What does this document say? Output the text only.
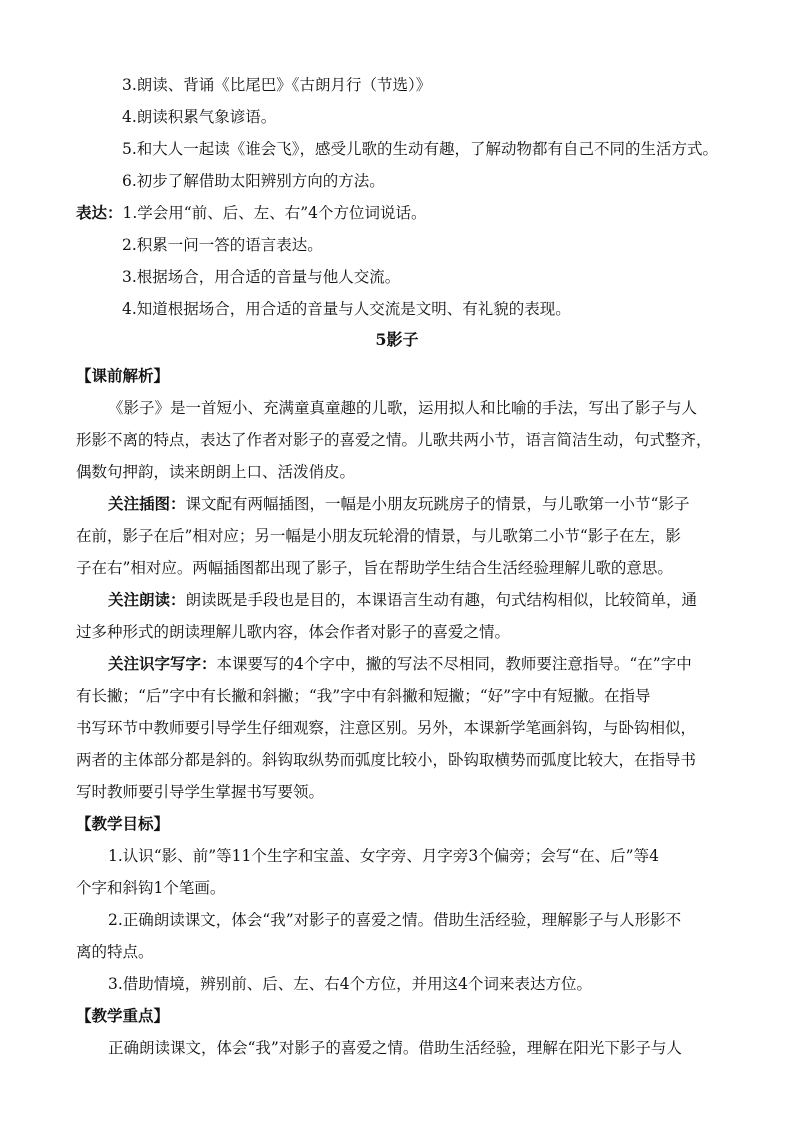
3.朗读、背诵《比尾巴》《古朗月行（节选）》
4.朗读积累气象谚语。
5.和大人一起读《谁会飞》，感受儿歌的生动有趣，了解动物都有自己不同的生活方式。
6.初步了解借助太阳辨别方向的方法。
表达：1.学会用“前、后、左、右”4个方位词说话。
2.积累一问一答的语言表达。
3.根据场合，用合适的音量与他人交流。
4.知道根据场合，用合适的音量与人交流是文明、有礼貌的表现。
5影子
【课前解析】
《影子》是一首短小、充满童真童趣的儿歌，运用拟人和比喻的手法，写出了影子与人
形影不离的特点，表达了作者对影子的喜爱之情。儿歌共两小节，语言简洁生动，句式整齐，
偶数句押韵，读来朗朗上口、活泼俏皮。
关注插图：课文配有两幅插图，一幅是小朋友玩跳房子的情景，与儿歌第一小节“影子
在前，影子在后”相对应；另一幅是小朋友玩轮滑的情景，与儿歌第二小节“影子在左，影
子在右”相对应。两幅插图都出现了影子，旨在帮助学生结合生活经验理解儿歌的意思。
关注朗读：朗读既是手段也是目的，本课语言生动有趣，句式结构相似，比较简单，通
过多种形式的朗读理解儿歌内容，体会作者对影子的喜爱之情。
关注识字写字：本课要写的4个字中，撇的写法不尽相同，教师要注意指导。“在”字中
有长撇；“后”字中有长撇和斜撇；“我”字中有斜撇和短撇；“好”字中有短撇。在指导
书写环节中教师要引导学生仔细观察，注意区别。另外，本课新学笔画斜钩，与卧钩相似，
两者的主体部分都是斜的。斜钩取纵势而弧度比较小，卧钩取横势而弧度比较大，在指导书
写时教师要引导学生掌握书写要领。
【教学目标】
1.认识“影、前”等11个生字和宝盖、女字旁、月字旁3个偏旁；会写“在、后”等4
个字和斜钩1个笔画。
2.正确朗读课文，体会“我”对影子的喜爱之情。借助生活经验，理解影子与人形影不
离的特点。
3.借助情境，辨别前、后、左、右4个方位，并用这4个词来表达方位。
【教学重点】
正确朗读课文，体会“我”对影子的喜爱之情。借助生活经验，理解在阳光下影子与人
